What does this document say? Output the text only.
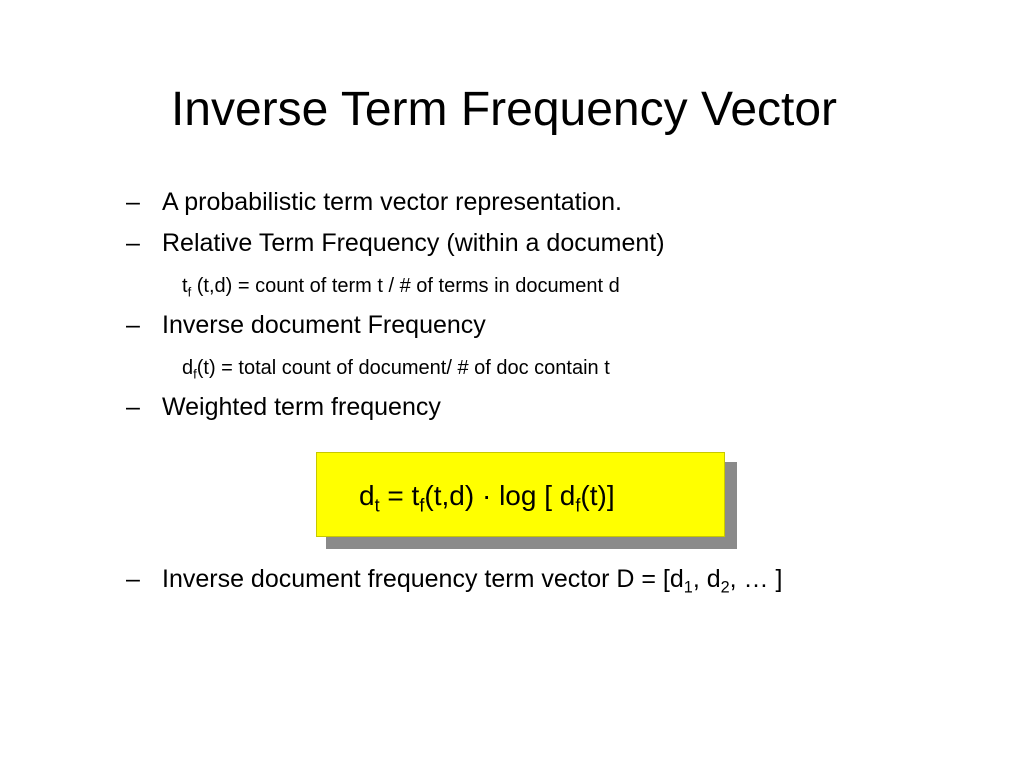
Inverse Term Frequency Vector
– A probabilistic term vector representation.
– Relative Term Frequency (within a document)
$t_f$ (t,d) = count of term t / # of terms in document d
– Inverse document Frequency
$d_f(t)$ = total count of document/ # of doc contain t
– Weighted term frequency
$d_t = t_f(t,d) \cdot \log$ [ $d_f(t)$]
– Inverse document frequency term vector $D = [d_1$, $d_2$, … ]
